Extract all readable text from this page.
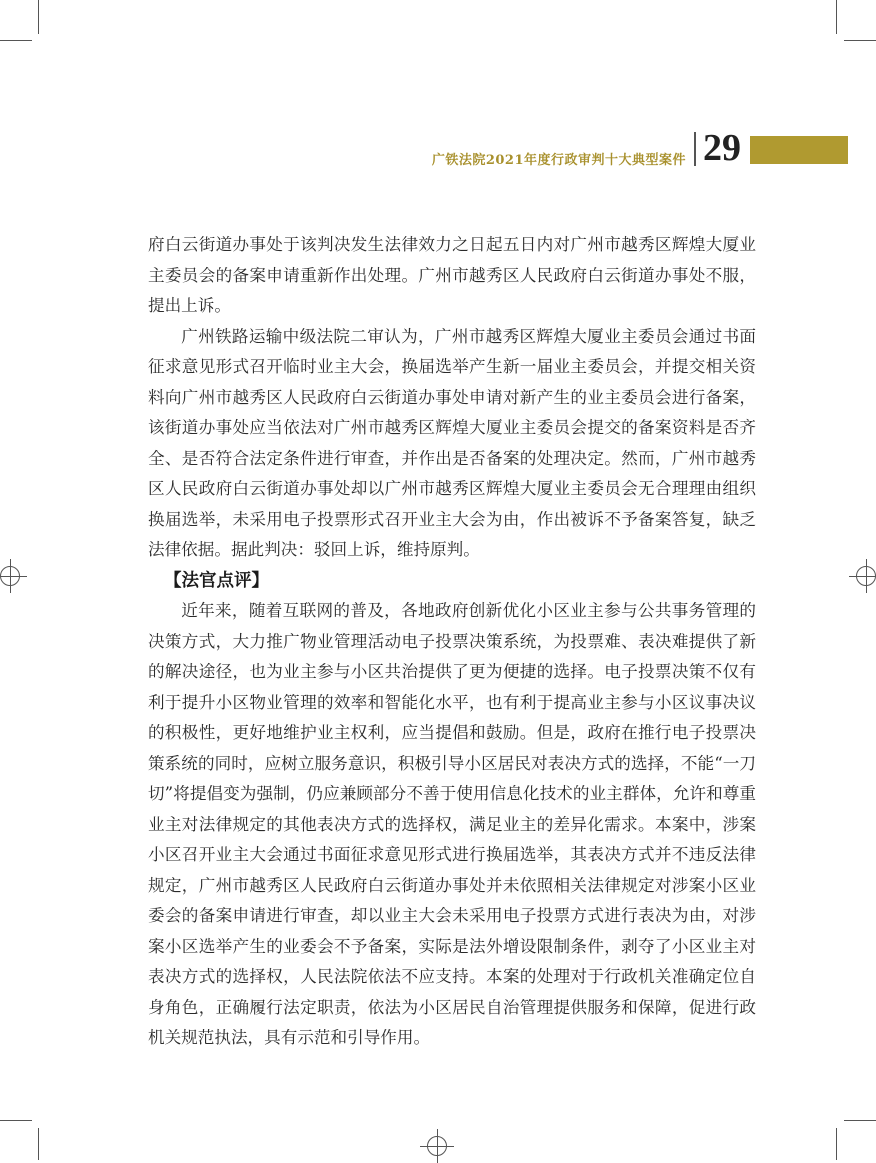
广铁法院2021年度行政审判十大典型案件 29

府白云街道办事处于该判决发生法律效力之日起五日内对广州市越秀区辉煌大厦业主委员会的备案申请重新作出处理。广州市越秀区人民政府白云街道办事处不服，提出上诉。

广州铁路运输中级法院二审认为，广州市越秀区辉煌大厦业主委员会通过书面征求意见形式召开临时业主大会，换届选举产生新一届业主委员会，并提交相关资料向广州市越秀区人民政府白云街道办事处申请对新产生的业主委员会进行备案，该街道办事处应当依法对广州市越秀区辉煌大厦业主委员会提交的备案资料是否齐全、是否符合法定条件进行审查，并作出是否备案的处理决定。然而，广州市越秀区人民政府白云街道办事处却以广州市越秀区辉煌大厦业主委员会无合理理由组织换届选举，未采用电子投票形式召开业主大会为由，作出被诉不予备案答复，缺乏法律依据。据此判决：驳回上诉，维持原判。

【法官点评】

近年来，随着互联网的普及，各地政府创新优化小区业主参与公共事务管理的决策方式，大力推广物业管理活动电子投票决策系统，为投票难、表决难提供了新的解决途径，也为业主参与小区共治提供了更为便捷的选择。电子投票决策不仅有利于提升小区物业管理的效率和智能化水平，也有利于提高业主参与小区议事决议的积极性，更好地维护业主权利，应当提倡和鼓励。但是，政府在推行电子投票决策系统的同时，应树立服务意识，积极引导小区居民对表决方式的选择，不能“一刀切”将提倡变为强制，仍应兼顾部分不善于使用信息化技术的业主群体，允许和尊重业主对法律规定的其他表决方式的选择权，满足业主的差异化需求。本案中，涉案小区召开业主大会通过书面征求意见形式进行换届选举，其表决方式并不违反法律规定，广州市越秀区人民政府白云街道办事处并未依照相关法律规定对涉案小区业委会的备案申请进行审查，却以业主大会未采用电子投票方式进行表决为由，对涉案小区选举产生的业委会不予备案，实际是法外增设限制条件，剥夺了小区业主对表决方式的选择权，人民法院依法不应支持。本案的处理对于行政机关准确定位自身角色，正确履行法定职责，依法为小区居民自治管理提供服务和保障，促进行政机关规范执法，具有示范和引导作用。
